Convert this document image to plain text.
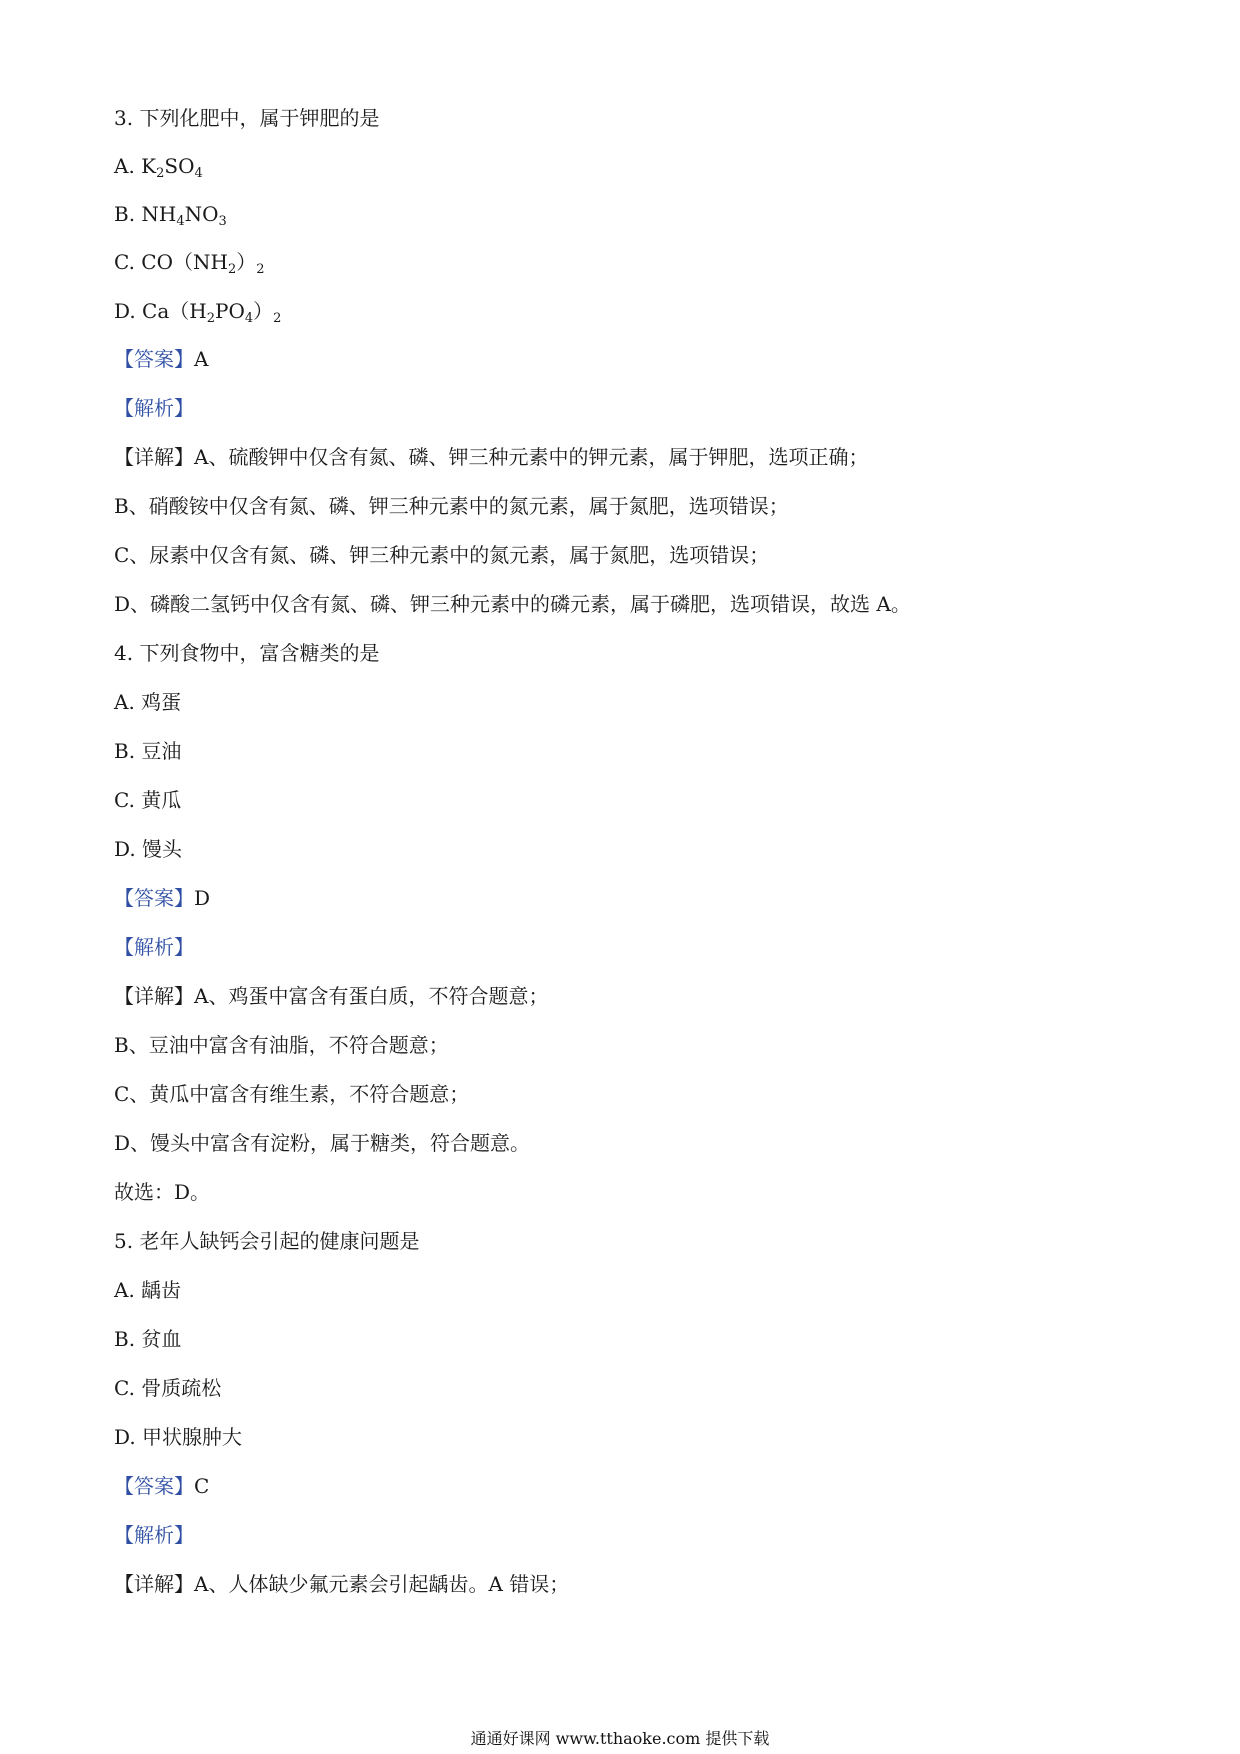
3. 下列化肥中，属于钾肥的是
A. $K_2SO_4$
B. $NH_4NO_3$
C. $CO(NH_2)_2$
D. $Ca(H_2PO_4)_2$
【答案】A
【解析】
【详解】A、硫酸钾中仅含有氮、磷、钾三种元素中的钾元素，属于钾肥，选项正确；
B、硝酸铵中仅含有氮、磷、钾三种元素中的氮元素，属于氮肥，选项错误；
C、尿素中仅含有氮、磷、钾三种元素中的氮元素，属于氮肥，选项错误；
D、磷酸二氢钙中仅含有氮、磷、钾三种元素中的磷元素，属于磷肥，选项错误，故选 A。
4. 下列食物中，富含糖类的是
A. 鸡蛋
B. 豆油
C. 黄瓜
D. 馒头
【答案】D
【解析】
【详解】A、鸡蛋中富含有蛋白质，不符合题意；
B、豆油中富含有油脂，不符合题意；
C、黄瓜中富含有维生素，不符合题意；
D、馒头中富含有淀粉，属于糖类，符合题意。
故选：D。
5. 老年人缺钙会引起的健康问题是
A. 龋齿
B. 贫血
C. 骨质疏松
D. 甲状腺肿大
【答案】C
【解析】
【详解】A、人体缺少氟元素会引起龋齿。A 错误；
通通好课网 www.tthaoke.com 提供下载
